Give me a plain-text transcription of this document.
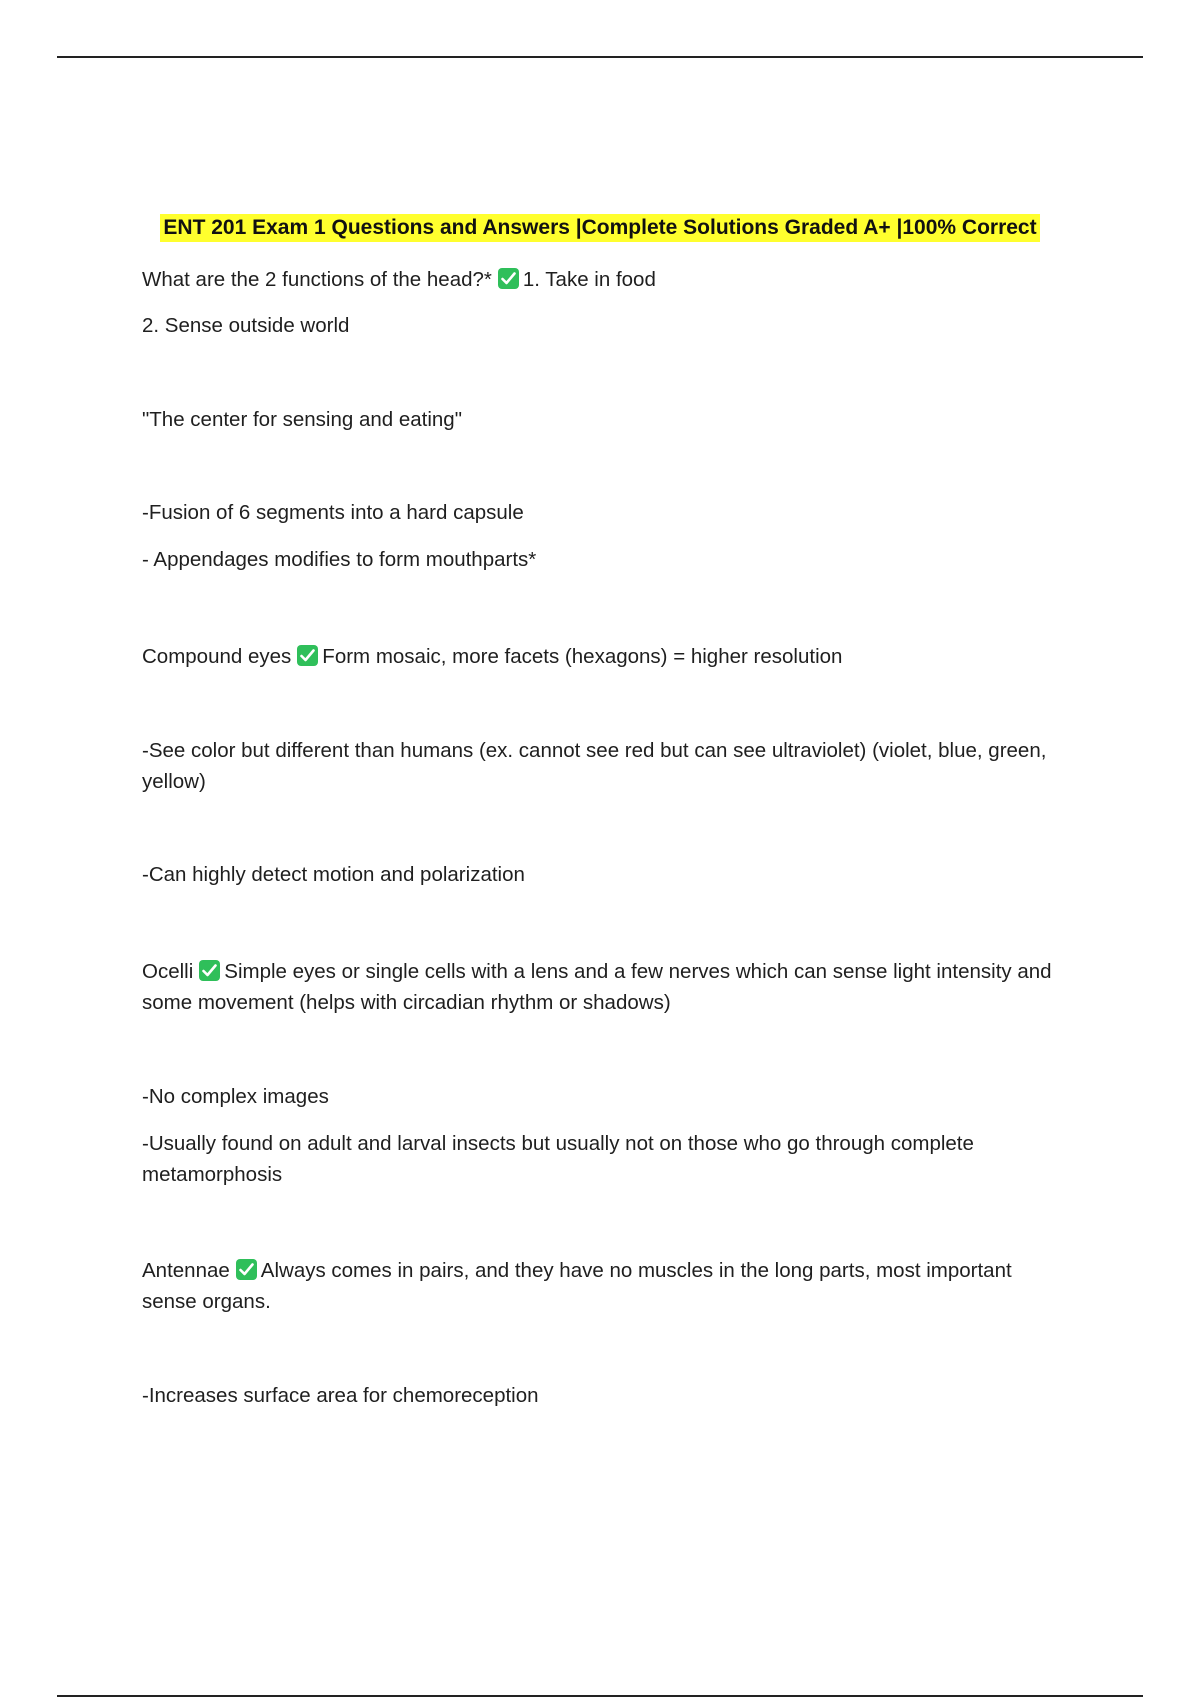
ENT 201 Exam 1 Questions and Answers |Complete Solutions Graded A+ |100% Correct
What are the 2 functions of the head?* 1. Take in food
2. Sense outside world
"The center for sensing and eating"
-Fusion of 6 segments into a hard capsule
- Appendages modifies to form mouthparts*
Compound eyes Form mosaic, more facets (hexagons) = higher resolution
-See color but different than humans (ex. cannot see red but can see ultraviolet) (violet, blue, green, yellow)
-Can highly detect motion and polarization
Ocelli Simple eyes or single cells with a lens and a few nerves which can sense light intensity and some movement (helps with circadian rhythm or shadows)
-No complex images
-Usually found on adult and larval insects but usually not on those who go through complete metamorphosis
Antennae Always comes in pairs, and they have no muscles in the long parts, most important sense organs.
-Increases surface area for chemoreception
